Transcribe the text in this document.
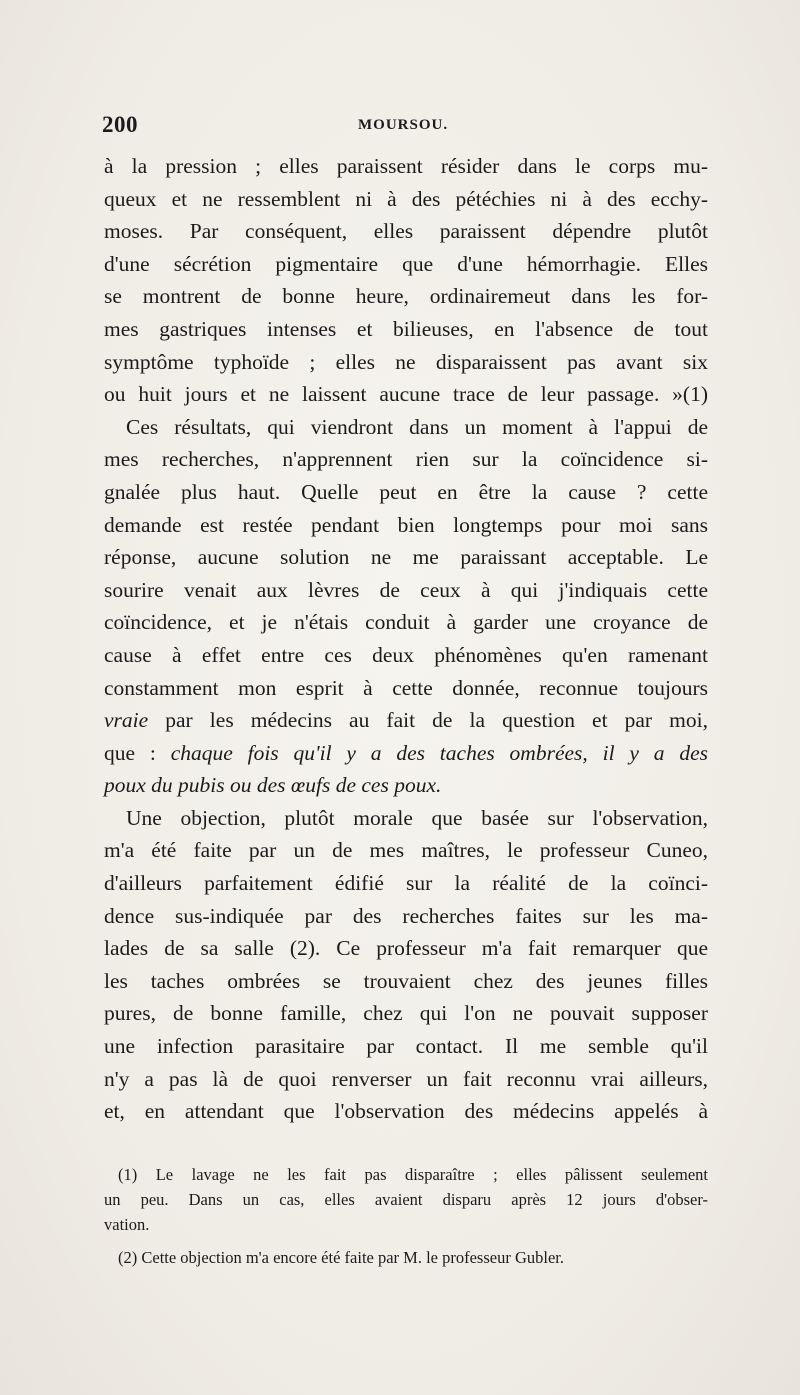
200	MOURSOU.
à la pression ; elles paraissent résider dans le corps mu-
queux et ne ressemblent ni à des pétéchies ni à des ecchy-
moses. Par conséquent, elles paraissent dépendre plutôt
d'une sécrétion pigmentaire que d'une hémorrhagie. Elles
se montrent de bonne heure, ordinairemeut dans les for-
mes gastriques intenses et bilieuses, en l'absence de tout
symptôme typhoïde ; elles ne disparaissent pas avant six
ou huit jours et ne laissent aucune trace de leur passage. »(1)
Ces résultats, qui viendront dans un moment à l'appui de
mes recherches, n'apprennent rien sur la coïncidence si-
gnalée plus haut. Quelle peut en être la cause ? cette
demande est restée pendant bien longtemps pour moi sans
réponse, aucune solution ne me paraissant acceptable. Le
sourire venait aux lèvres de ceux à qui j'indiquais cette
coïncidence, et je n'étais conduit à garder une croyance de
cause à effet entre ces deux phénomènes qu'en ramenant
constamment mon esprit à cette donnée, reconnue toujours
vraie par les médecins au fait de la question et par moi,
que : chaque fois qu'il y a des taches ombrées, il y a des
poux du pubis ou des œufs de ces poux.
Une objection, plutôt morale que basée sur l'observation,
m'a été faite par un de mes maîtres, le professeur Cuneo,
d'ailleurs parfaitement édifié sur la réalité de la coïnci-
dence sus-indiquée par des recherches faites sur les ma-
lades de sa salle (2). Ce professeur m'a fait remarquer que
les taches ombrées se trouvaient chez des jeunes filles
pures, de bonne famille, chez qui l'on ne pouvait supposer
une infection parasitaire par contact. Il me semble qu'il
n'y a pas là de quoi renverser un fait reconnu vrai ailleurs,
et, en attendant que l'observation des médecins appelés à
(1) Le lavage ne les fait pas disparaître ; elles pâlissent seulement
un peu. Dans un cas, elles avaient disparu après 12 jours d'obser-
vation.
(2) Cette objection m'a encore été faite par M. le professeur Gubler.
